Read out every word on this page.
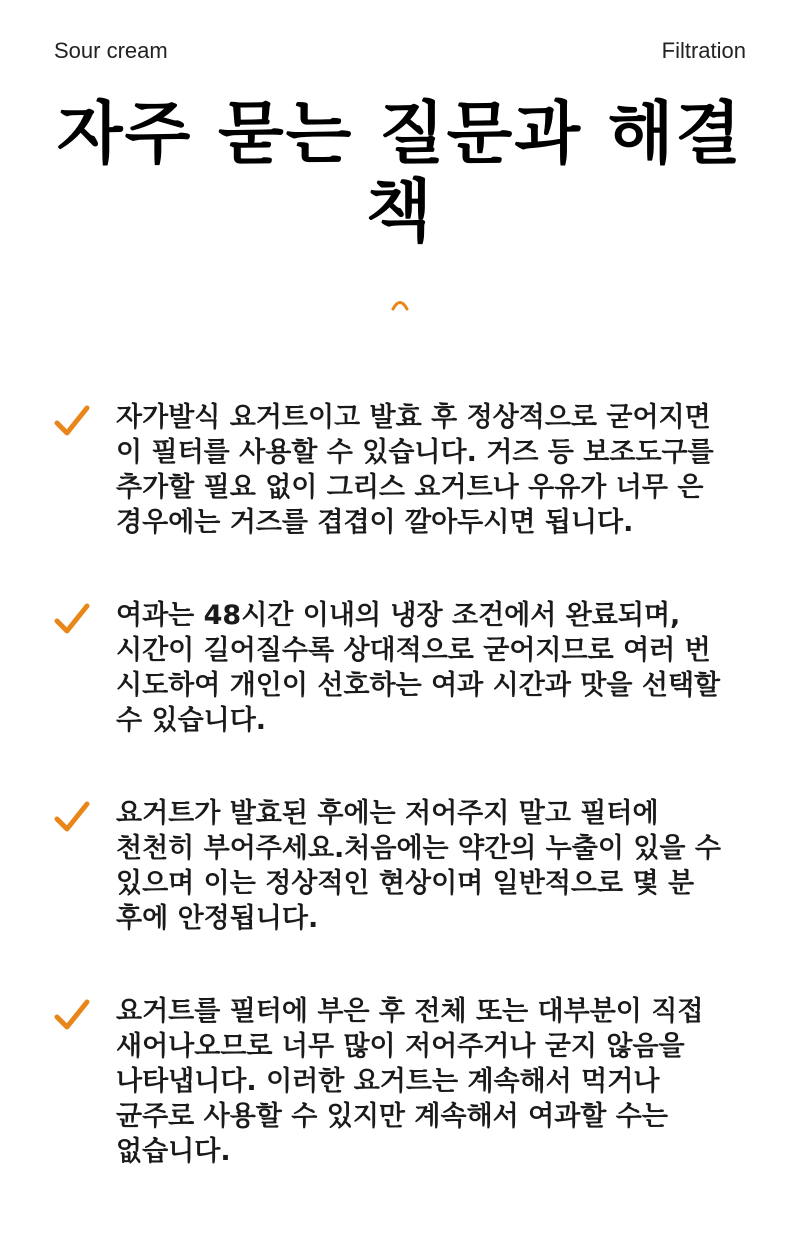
Sour cream	Filtration
자주 묻는 질문과 해결책
자가발식 요거트이고 발효 후 정상적으로 굳어지면 이 필터를 사용할 수 있습니다. 거즈 등 보조도구를 추가할 필요 없이 그리스 요거트나 우유가 너무 은 경우에는 거즈를 겹겹이 깔아두시면 됩니다.
여과는 48시간 이내의 냉장 조건에서 완료되며, 시간이 길어질수록 상대적으로 굳어지므로 여러 번 시도하여 개인이 선호하는 여과 시간과 맛을 선택할 수 있습니다.
요거트가 발효된 후에는 저어주지 말고 필터에 천천히 부어주세요.처음에는 약간의 누출이 있을 수 있으며 이는 정상적인 현상이며 일반적으로 몇 분 후에 안정됩니다.
요거트를 필터에 부은 후 전체 또는 대부분이 직접 새어나오므로 너무 많이 저어주거나 굳지 않음을 나타냅니다. 이러한 요거트는 계속해서 먹거나 균주로 사용할 수 있지만 계속해서 여과할 수는 없습니다.
